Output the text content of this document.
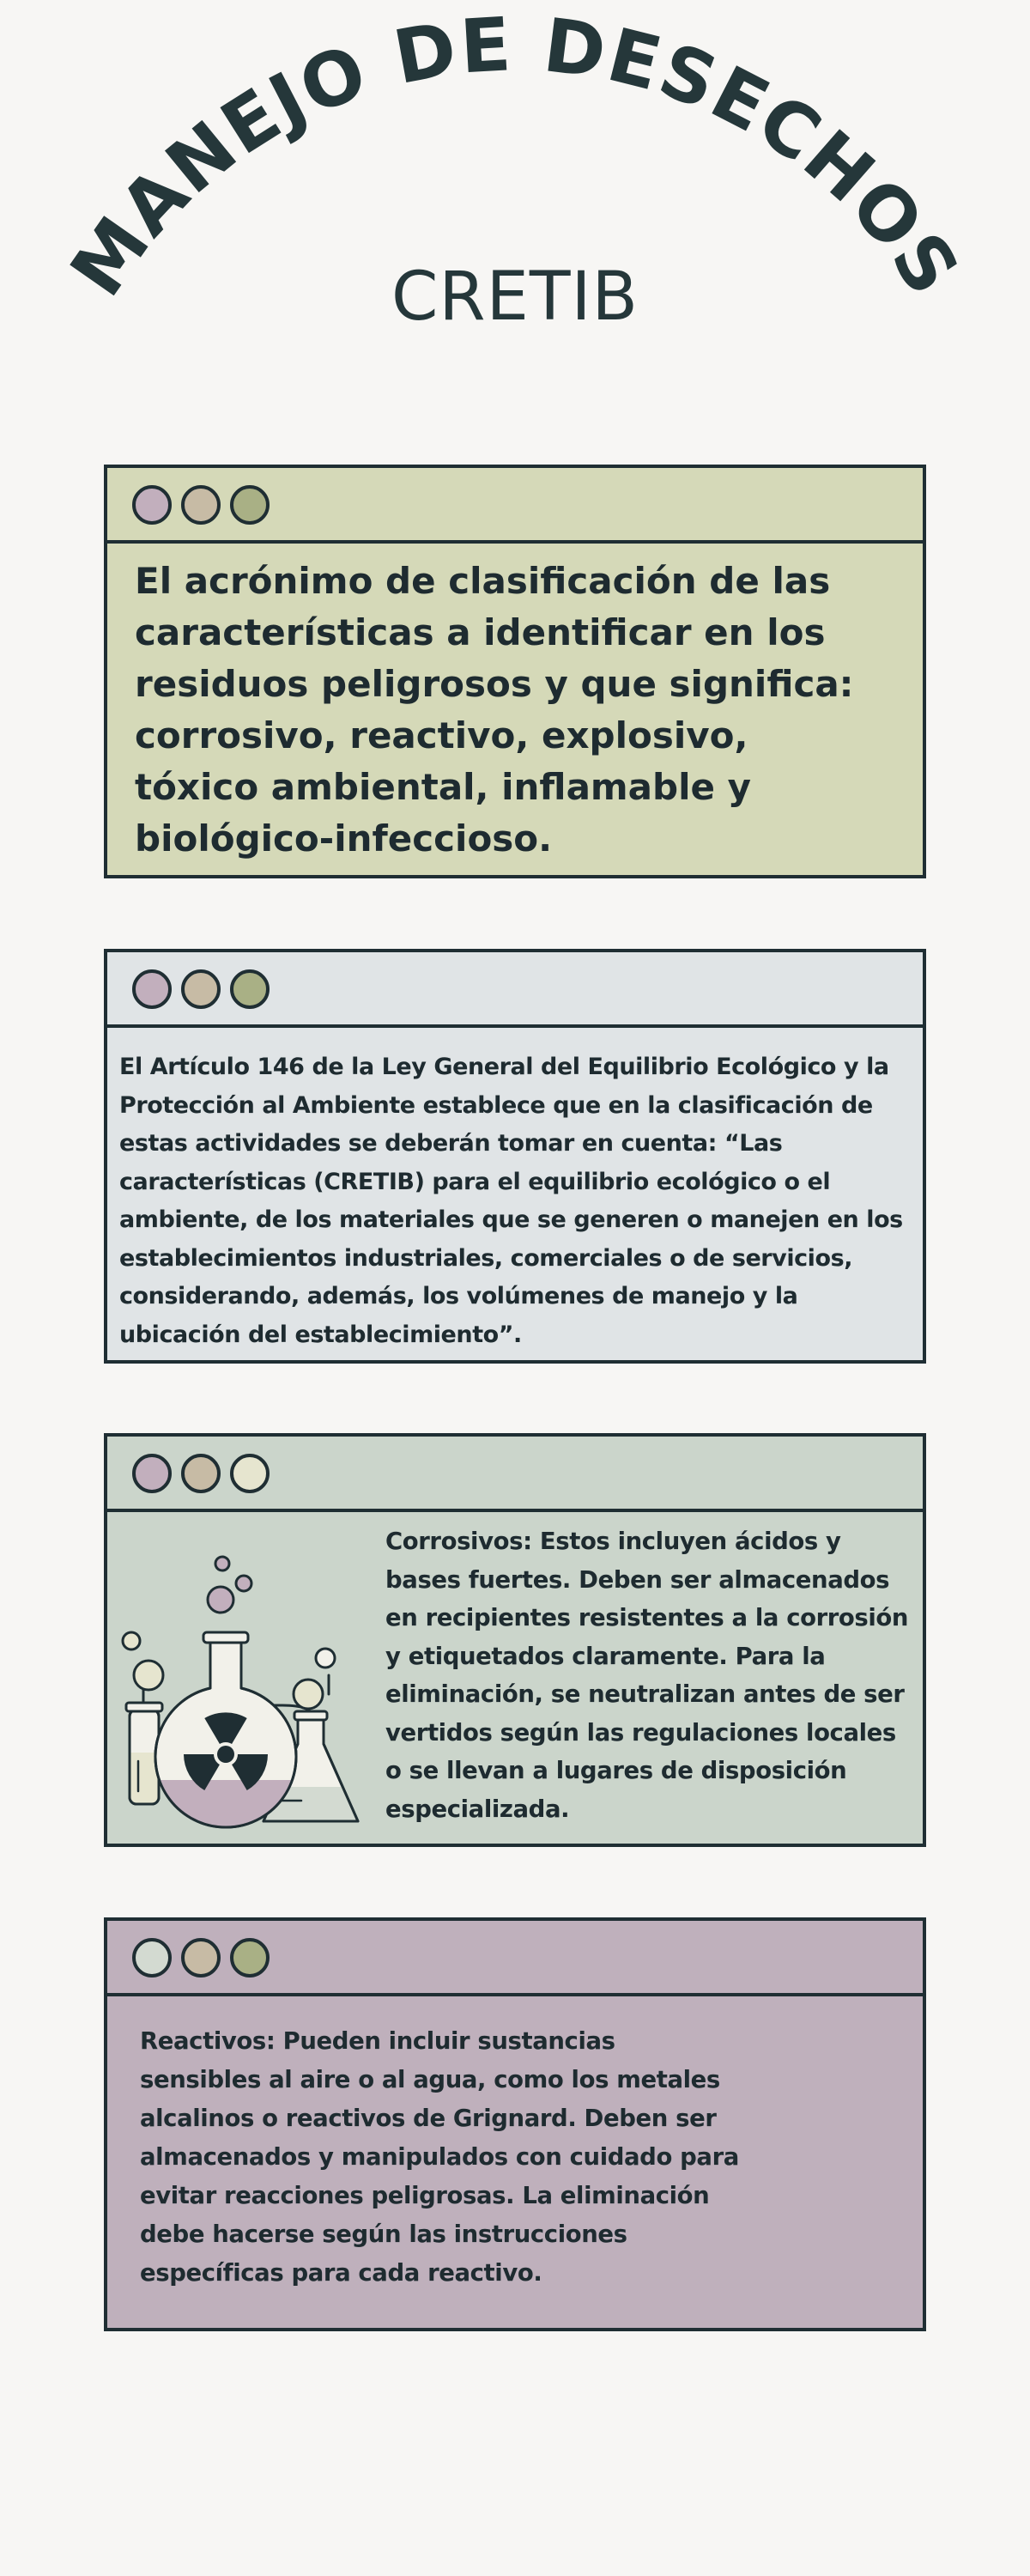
MANEJO DE DESECHOS
CRETIB

El acrónimo de clasificación de las características a identificar en los residuos peligrosos y que significa: corrosivo, reactivo, explosivo, tóxico ambiental, inflamable y biológico-infeccioso.

El Artículo 146 de la Ley General del Equilibrio Ecológico y la Protección al Ambiente establece que en la clasificación de estas actividades se deberán tomar en cuenta: “Las características (CRETIB) para el equilibrio ecológico o el ambiente, de los materiales que se generen o manejen en los establecimientos industriales, comerciales o de servicios, considerando, además, los volúmenes de manejo y la ubicación del establecimiento”.

Corrosivos: Estos incluyen ácidos y bases fuertes. Deben ser almacenados en recipientes resistentes a la corrosión y etiquetados claramente. Para la eliminación, se neutralizan antes de ser vertidos según las regulaciones locales o se llevan a lugares de disposición especializada.

Reactivos: Pueden incluir sustancias sensibles al aire o al agua, como los metales alcalinos o reactivos de Grignard. Deben ser almacenados y manipulados con cuidado para evitar reacciones peligrosas. La eliminación debe hacerse según las instrucciones específicas para cada reactivo.
